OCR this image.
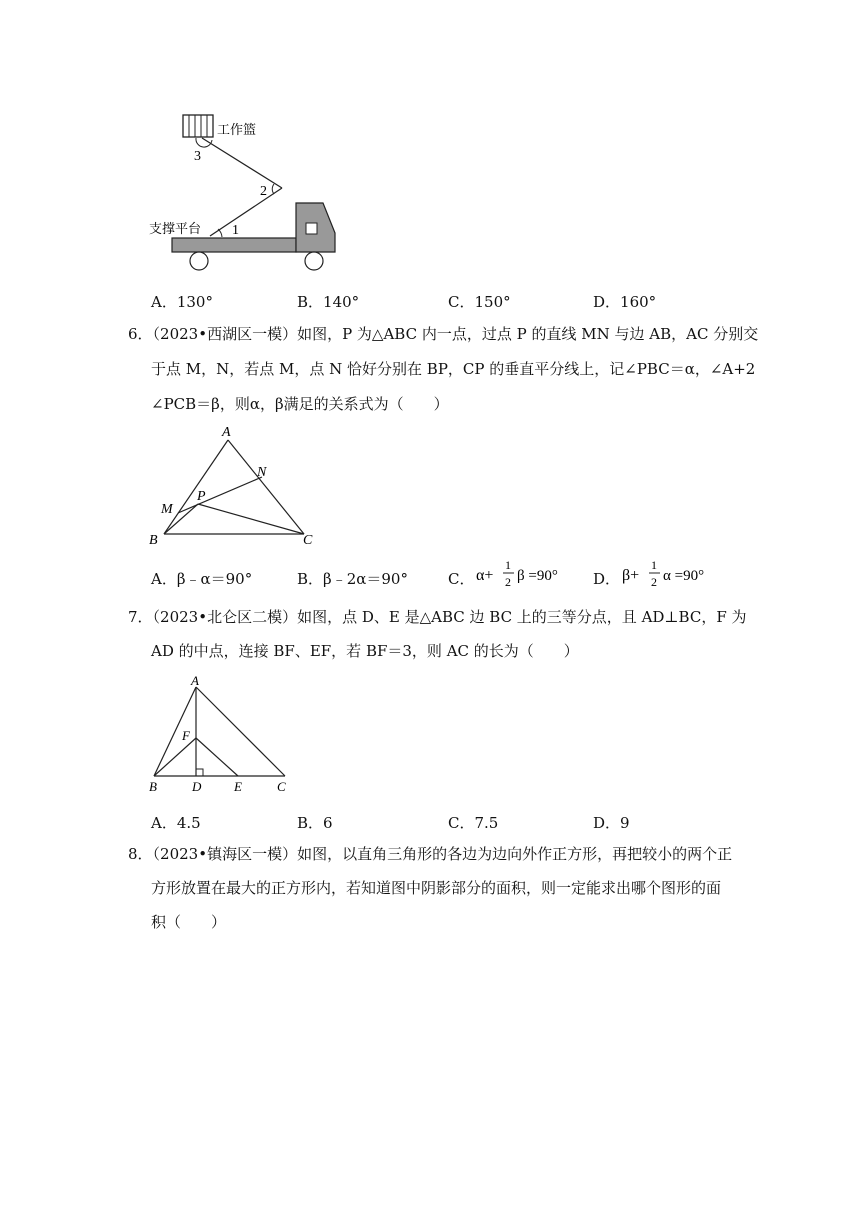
工作篮
3
2
1
支撑平台
A．130°	B．140°	C．150°	D．160°
6．（2023•西湖区一模）如图，P 为△ABC 内一点，过点 P 的直线 MN 与边 AB，AC 分别交
于点 M，N，若点 M，点 N 恰好分别在 BP，CP 的垂直平分线上，记∠PBC＝α，∠A+2
∠PCB＝β，则α，β满足的关系式为（　　）
A
N
P
M
B	C
A．β﹣α＝90°	B．β﹣2α＝90°	C． α+
1
2 β =90° D． β+
1
2 α =90°
7．（2023•北仑区二模）如图，点 D、E 是△ABC 边 BC 上的三等分点，且 AD⊥BC，F 为
AD 的中点，连接 BF、EF，若 BF＝3，则 AC 的长为（　　）
A
F
B	D	E	C
A．4.5	B．6	C．7.5	D．9
8．（2023•镇海区一模）如图，以直角三角形的各边为边向外作正方形，再把较小的两个正
方形放置在最大的正方形内，若知道图中阴影部分的面积，则一定能求出哪个图形的面
积（　　）
